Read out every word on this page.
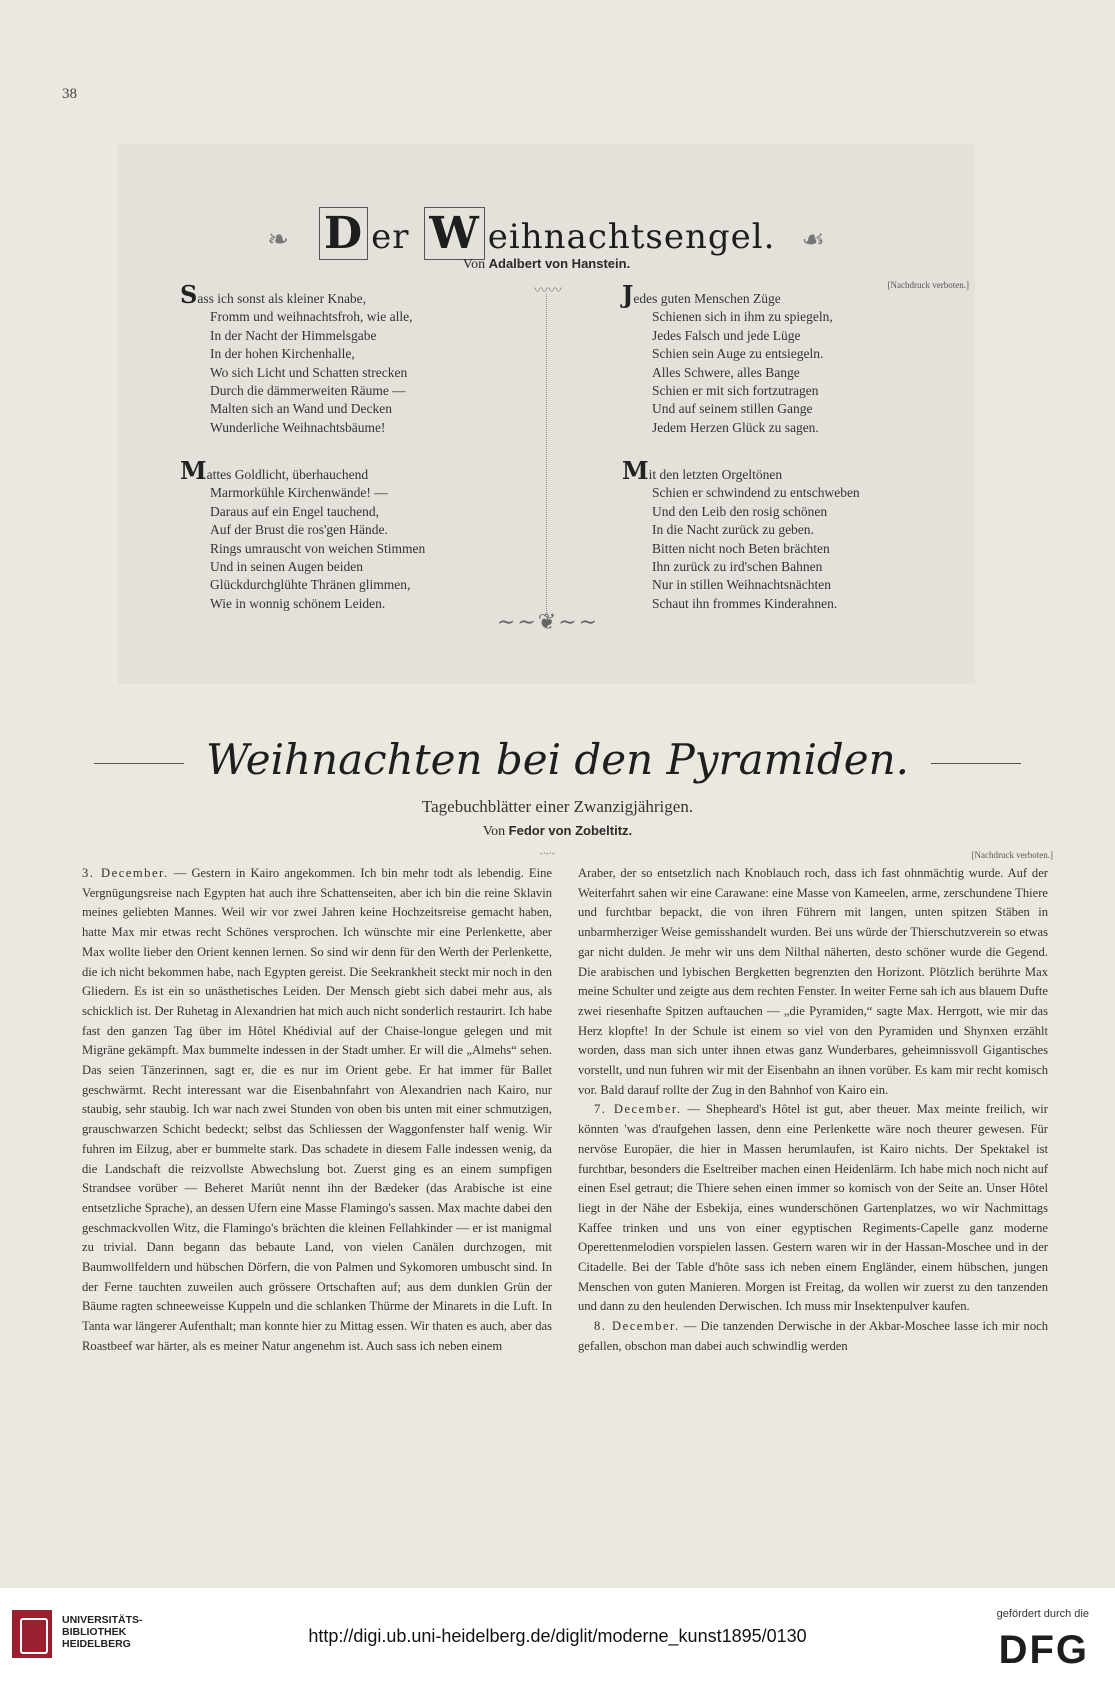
38
❧ D er W eihnachtsengel. ☙
Von Adalbert von Hanstein.
[Nachdruck verboten.]
〰〰
Sass ich sonst als kleiner Knabe,
Fromm und weihnachtsfroh, wie alle,
In der Nacht der Himmelsgabe
In der hohen Kirchenhalle,
Wo sich Licht und Schatten strecken
Durch die dämmerweiten Räume —
Malten sich an Wand und Decken
Wunderliche Weihnachtsbäume!
Jedes guten Menschen Züge
Schienen sich in ihm zu spiegeln,
Jedes Falsch und jede Lüge
Schien sein Auge zu entsiegeln.
Alles Schwere, alles Bange
Schien er mit sich fortzutragen
Und auf seinem stillen Gange
Jedem Herzen Glück zu sagen.
Mattes Goldlicht, überhauchend
Marmorkühle Kirchenwände! —
Daraus auf ein Engel tauchend,
Auf der Brust die ros'gen Hände.
Rings umrauscht von weichen Stimmen
Und in seinen Augen beiden
Glückdurchglühte Thränen glimmen,
Wie in wonnig schönem Leiden.
Mit den letzten Orgeltönen
Schien er schwindend zu entschweben
Und den Leib den rosig schönen
In die Nacht zurück zu geben.
Bitten nicht noch Beten brächten
Ihn zurück zu ird'schen Bahnen
Nur in stillen Weihnachtsnächten
Schaut ihn frommes Kinderahnen.
∼∼❦∼∼
Weihnachten bei den Pyramiden.
Tagebuchblätter einer Zwanzigjährigen.
Von Fedor von Zobeltitz.
-·-·-	[Nachdruck verboten.]

3. December. — Gestern in Kairo angekommen. Ich bin mehr todt als lebendig. Eine Vergnügungsreise nach Egypten hat auch ihre Schattenseiten, aber ich bin die reine Sklavin meines geliebten Mannes. Weil wir vor zwei Jahren keine Hochzeitsreise gemacht haben, hatte Max mir etwas recht Schönes versprochen. Ich wünschte mir eine Perlenkette, aber Max wollte lieber den Orient kennen lernen. So sind wir denn für den Werth der Perlenkette, die ich nicht bekommen habe, nach Egypten gereist. Die Seekrankheit steckt mir noch in den Gliedern. Es ist ein so unästhetisches Leiden. Der Mensch giebt sich dabei mehr aus, als schicklich ist. Der Ruhetag in Alexandrien hat mich auch nicht sonderlich restaurirt. Ich habe fast den ganzen Tag über im Hôtel Khédivial auf der Chaise-longue gelegen und mit Migräne gekämpft. Max bummelte indessen in der Stadt umher. Er will die „Almehs“ sehen. Das seien Tänzerinnen, sagt er, die es nur im Orient gebe. Er hat immer für Ballet geschwärmt. Recht interessant war die Eisenbahnfahrt von Alexandrien nach Kairo, nur staubig, sehr staubig. Ich war nach zwei Stunden von oben bis unten mit einer schmutzigen, grauschwarzen Schicht bedeckt; selbst das Schliessen der Waggonfenster half wenig. Wir fuhren im Eilzug, aber er bummelte stark. Das schadete in diesem Falle indessen wenig, da die Landschaft die reizvollste Abwechslung bot. Zuerst ging es an einem sumpfigen Strandsee vorüber — Beheret Mariût nennt ihn der Bædeker (das Arabische ist eine entsetzliche Sprache), an dessen Ufern eine Masse Flamingo's sassen. Max machte dabei den geschmackvollen Witz, die Flamingo's brächten die kleinen Fellahkinder — er ist manigmal zu trivial. Dann begann das bebaute Land, von vielen Canälen durchzogen, mit Baumwollfeldern und hübschen Dörfern, die von Palmen und Sykomoren umbuscht sind. In der Ferne tauchten zuweilen auch grössere Ortschaften auf; aus dem dunklen Grün der Bäume ragten schneeweisse Kuppeln und die schlanken Thürme der Minarets in die Luft. In Tanta war längerer Aufenthalt; man konnte hier zu Mittag essen. Wir thaten es auch, aber das Roastbeef war härter, als es meiner Natur angenehm ist. Auch sass ich neben einem

Araber, der so entsetzlich nach Knoblauch roch, dass ich fast ohnmächtig wurde. Auf der Weiterfahrt sahen wir eine Carawane: eine Masse von Kameelen, arme, zerschundene Thiere und furchtbar bepackt, die von ihren Führern mit langen, unten spitzen Stäben in unbarmherziger Weise gemisshandelt wurden. Bei uns würde der Thierschutzverein so etwas gar nicht dulden. Je mehr wir uns dem Nilthal näherten, desto schöner wurde die Gegend. Die arabischen und lybischen Bergketten begrenzten den Horizont. Plötzlich berührte Max meine Schulter und zeigte aus dem rechten Fenster. In weiter Ferne sah ich aus blauem Dufte zwei riesenhafte Spitzen auftauchen — „die Pyramiden,“ sagte Max. Herrgott, wie mir das Herz klopfte! In der Schule ist einem so viel von den Pyramiden und Shynxen erzählt worden, dass man sich unter ihnen etwas ganz Wunderbares, geheimnissvoll Gigantisches vorstellt, und nun fuhren wir mit der Eisenbahn an ihnen vorüber. Es kam mir recht komisch vor. Bald darauf rollte der Zug in den Bahnhof von Kairo ein.

7. December. — Shepheard's Hôtel ist gut, aber theuer. Max meinte freilich, wir könnten 'was d'raufgehen lassen, denn eine Perlenkette wäre noch theurer gewesen. Für nervöse Europäer, die hier in Massen herumlaufen, ist Kairo nichts. Der Spektakel ist furchtbar, besonders die Eseltreiber machen einen Heidenlärm. Ich habe mich noch nicht auf einen Esel getraut; die Thiere sehen einen immer so komisch von der Seite an. Unser Hôtel liegt in der Nähe der Esbekija, eines wunderschönen Gartenplatzes, wo wir Nachmittags Kaffee trinken und uns von einer egyptischen Regiments-Capelle ganz moderne Operettenmelodien vorspielen lassen. Gestern waren wir in der Hassan-Moschee und in der Citadelle. Bei der Table d'hôte sass ich neben einem Engländer, einem hübschen, jungen Menschen von guten Manieren. Morgen ist Freitag, da wollen wir zuerst zu den tanzenden und dann zu den heulenden Derwischen. Ich muss mir Insektenpulver kaufen.

8. December. — Die tanzenden Derwische in der Akbar-Moschee lasse ich mir noch gefallen, obschon man dabei auch schwindlig werden

UNIVERSITÄTS-
BIBLIOTHEK
HEIDELBERG	http://digi.ub.uni-heidelberg.de/diglit/moderne_kunst1895/0130
gefördert durch die
DFG
